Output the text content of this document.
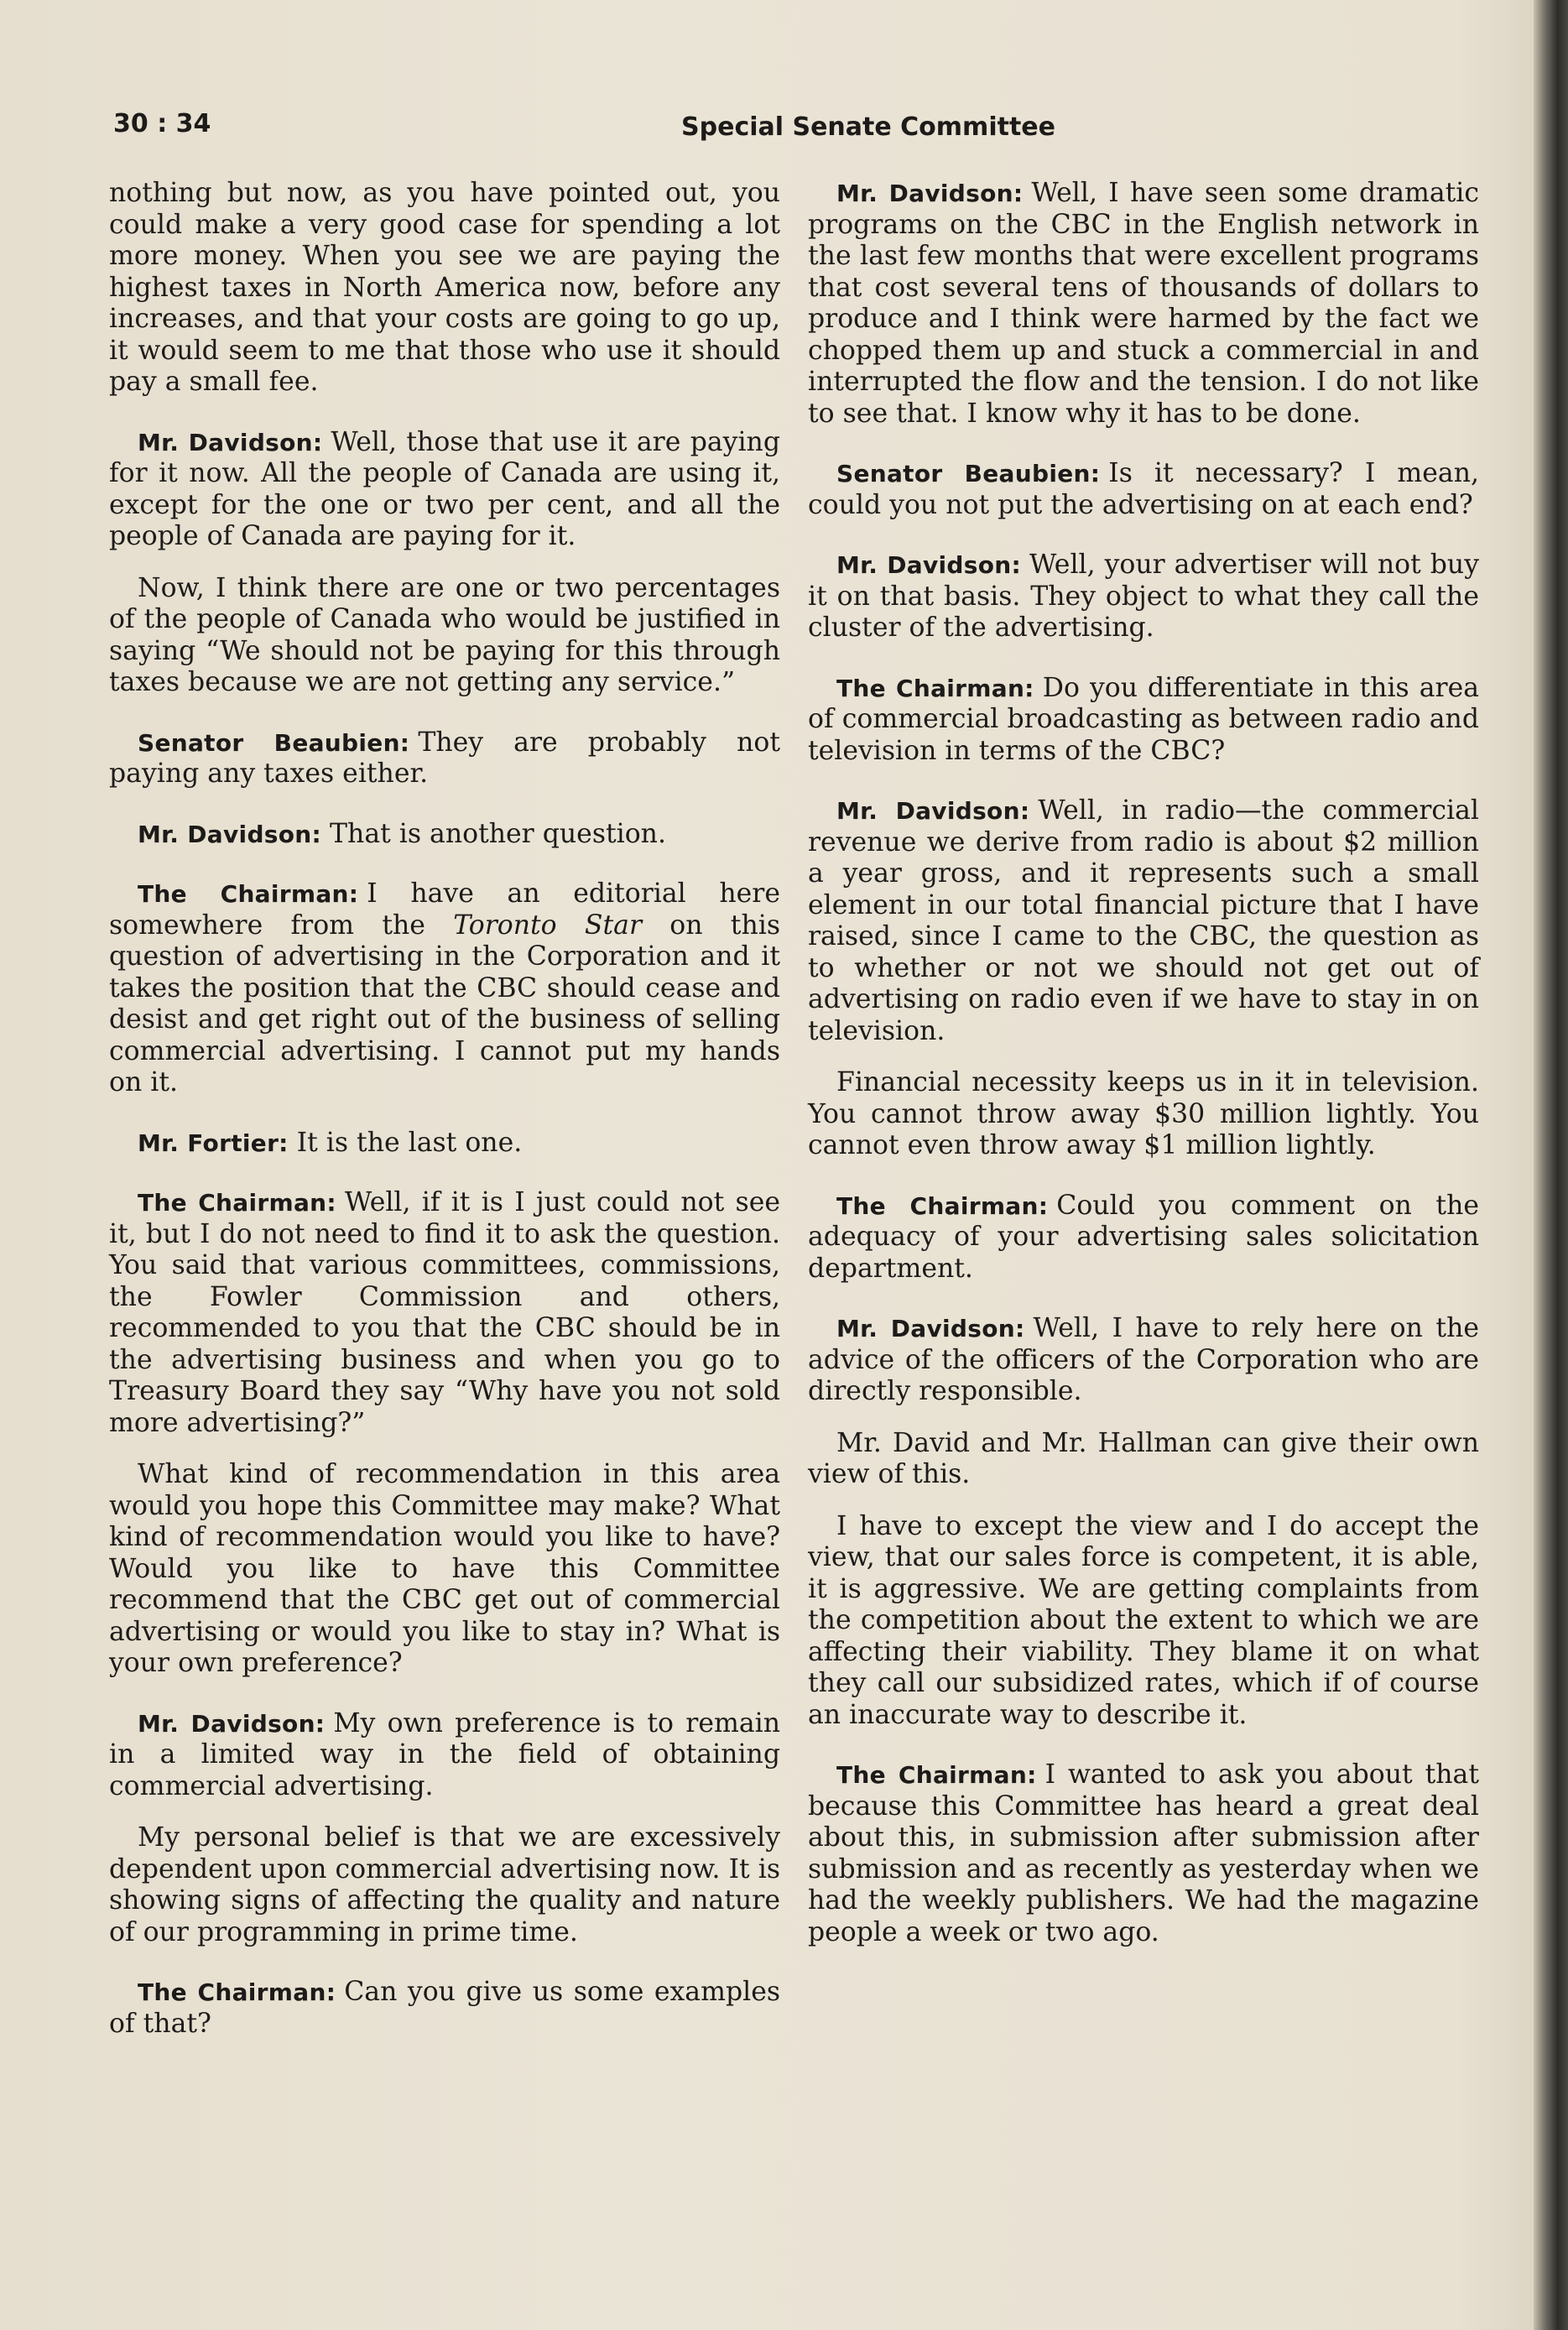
30 : 34	Special Senate Committee

nothing but now, as you have pointed out, you could make a very good case for spending a lot more money. When you see we are paying the highest taxes in North America now, before any increases, and that your costs are going to go up, it would seem to me that those who use it should pay a small fee.

Mr. Davidson: Well, those that use it are paying for it now. All the people of Canada are using it, except for the one or two per cent, and all the people of Canada are paying for it.

Now, I think there are one or two percentages of the people of Canada who would be justified in saying “We should not be paying for this through taxes because we are not getting any service.”

Senator Beaubien: They are probably not paying any taxes either.

Mr. Davidson: That is another question.

The Chairman: I have an editorial here somewhere from the Toronto Star on this question of advertising in the Corporation and it takes the position that the CBC should cease and desist and get right out of the business of selling commercial advertising. I cannot put my hands on it.

Mr. Fortier: It is the last one.

The Chairman: Well, if it is I just could not see it, but I do not need to find it to ask the question. You said that various committees, commissions, the Fowler Commission and others, recommended to you that the CBC should be in the advertising business and when you go to Treasury Board they say “Why have you not sold more advertising?”

What kind of recommendation in this area would you hope this Committee may make? What kind of recommendation would you like to have? Would you like to have this Committee recommend that the CBC get out of commercial advertising or would you like to stay in? What is your own preference?

Mr. Davidson: My own preference is to remain in a limited way in the field of obtaining commercial advertising.

My personal belief is that we are excessively dependent upon commercial advertising now. It is showing signs of affecting the quality and nature of our programming in prime time.

The Chairman: Can you give us some examples of that?

Mr. Davidson: Well, I have seen some dramatic programs on the CBC in the English network in the last few months that were excellent programs that cost several tens of thousands of dollars to produce and I think were harmed by the fact we chopped them up and stuck a commercial in and interrupted the flow and the tension. I do not like to see that. I know why it has to be done.

Senator Beaubien: Is it necessary? I mean, could you not put the advertising on at each end?

Mr. Davidson: Well, your advertiser will not buy it on that basis. They object to what they call the cluster of the advertising.

The Chairman: Do you differentiate in this area of commercial broadcasting as between radio and television in terms of the CBC?

Mr. Davidson: Well, in radio—the commercial revenue we derive from radio is about $2 million a year gross, and it represents such a small element in our total financial picture that I have raised, since I came to the CBC, the question as to whether or not we should not get out of advertising on radio even if we have to stay in on television.

Financial necessity keeps us in it in television. You cannot throw away $30 million lightly. You cannot even throw away $1 million lightly.

The Chairman: Could you comment on the adequacy of your advertising sales solicitation department.

Mr. Davidson: Well, I have to rely here on the advice of the officers of the Corporation who are directly responsible.

Mr. David and Mr. Hallman can give their own view of this.

I have to except the view and I do accept the view, that our sales force is competent, it is able, it is aggressive. We are getting complaints from the competition about the extent to which we are affecting their viability. They blame it on what they call our subsidized rates, which if of course an inaccurate way to describe it.

The Chairman: I wanted to ask you about that because this Committee has heard a great deal about this, in submission after submission after submission and as recently as yesterday when we had the weekly publishers. We had the magazine people a week or two ago.
